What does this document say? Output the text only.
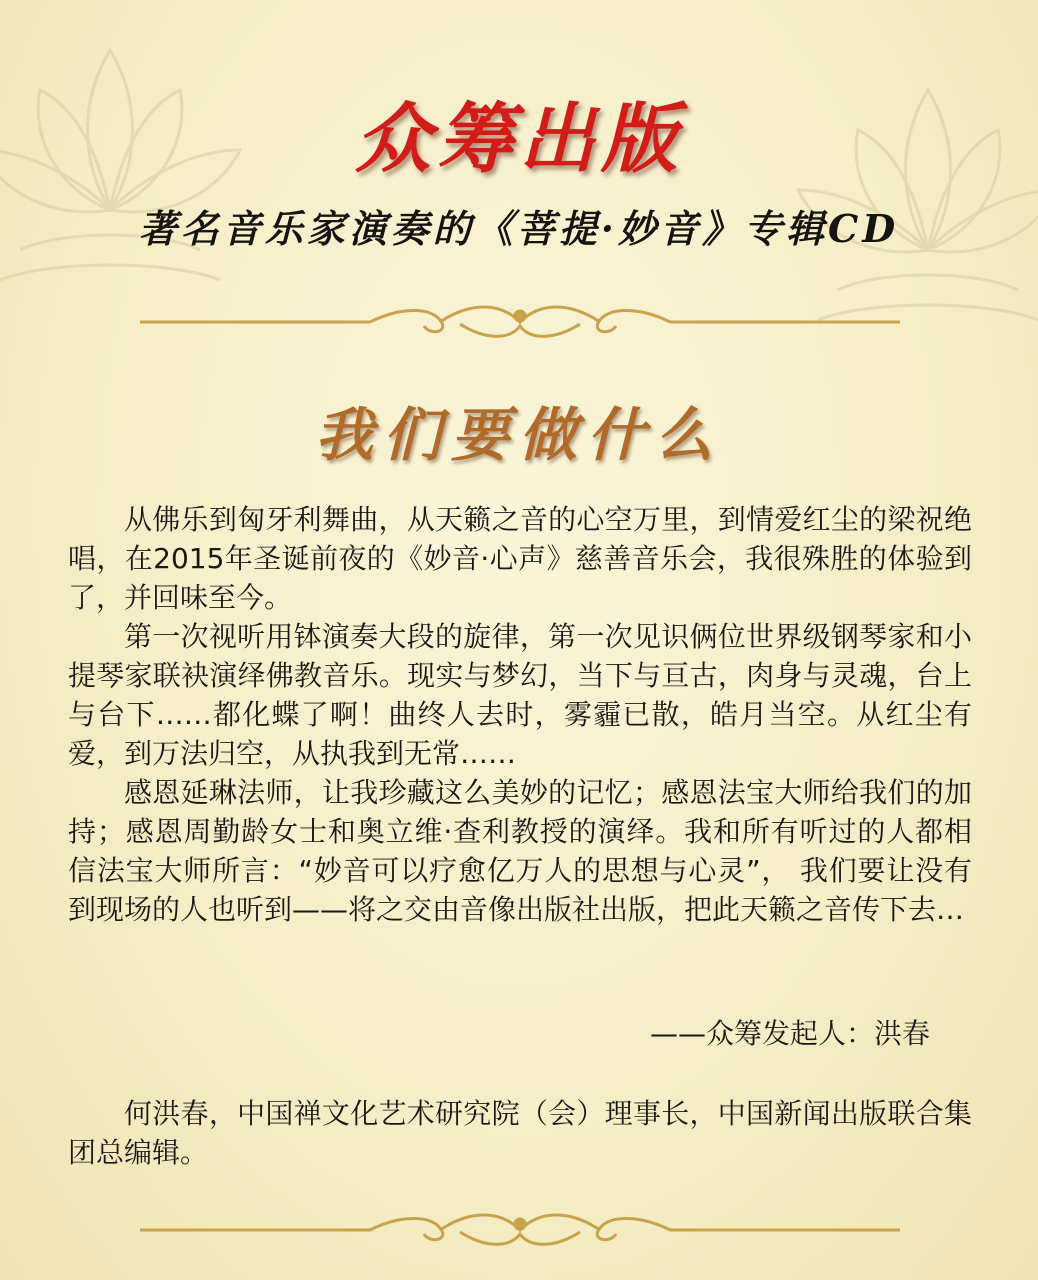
众筹出版
著名音乐家演奏的《菩提·妙音》专辑CD
我们要做什么

从佛乐到匈牙利舞曲，从天籁之音的心空万里，到情爱红尘的梁祝绝唱，在2015年圣诞前夜的《妙音·心声》慈善音乐会，我很殊胜的体验到了，并回味至今。

第一次视听用钵演奏大段的旋律，第一次见识俩位世界级钢琴家和小提琴家联袂演绎佛教音乐。现实与梦幻，当下与亘古，肉身与灵魂，台上与台下……都化蝶了啊！曲终人去时，雾霾已散，皓月当空。从红尘有爱，到万法归空，从执我到无常……

感恩延琳法师，让我珍藏这么美妙的记忆；感恩法宝大师给我们的加持；感恩周勤龄女士和奥立维·查利教授的演绎。我和所有听过的人都相信法宝大师所言：“妙音可以疗愈亿万人的思想与心灵”， 我们要让没有到现场的人也听到——将之交由音像出版社出版，把此天籁之音传下去…

——众筹发起人：洪春
何洪春，中国禅文化艺术研究院（会）理事长，中国新闻出版联合集团总编辑。
